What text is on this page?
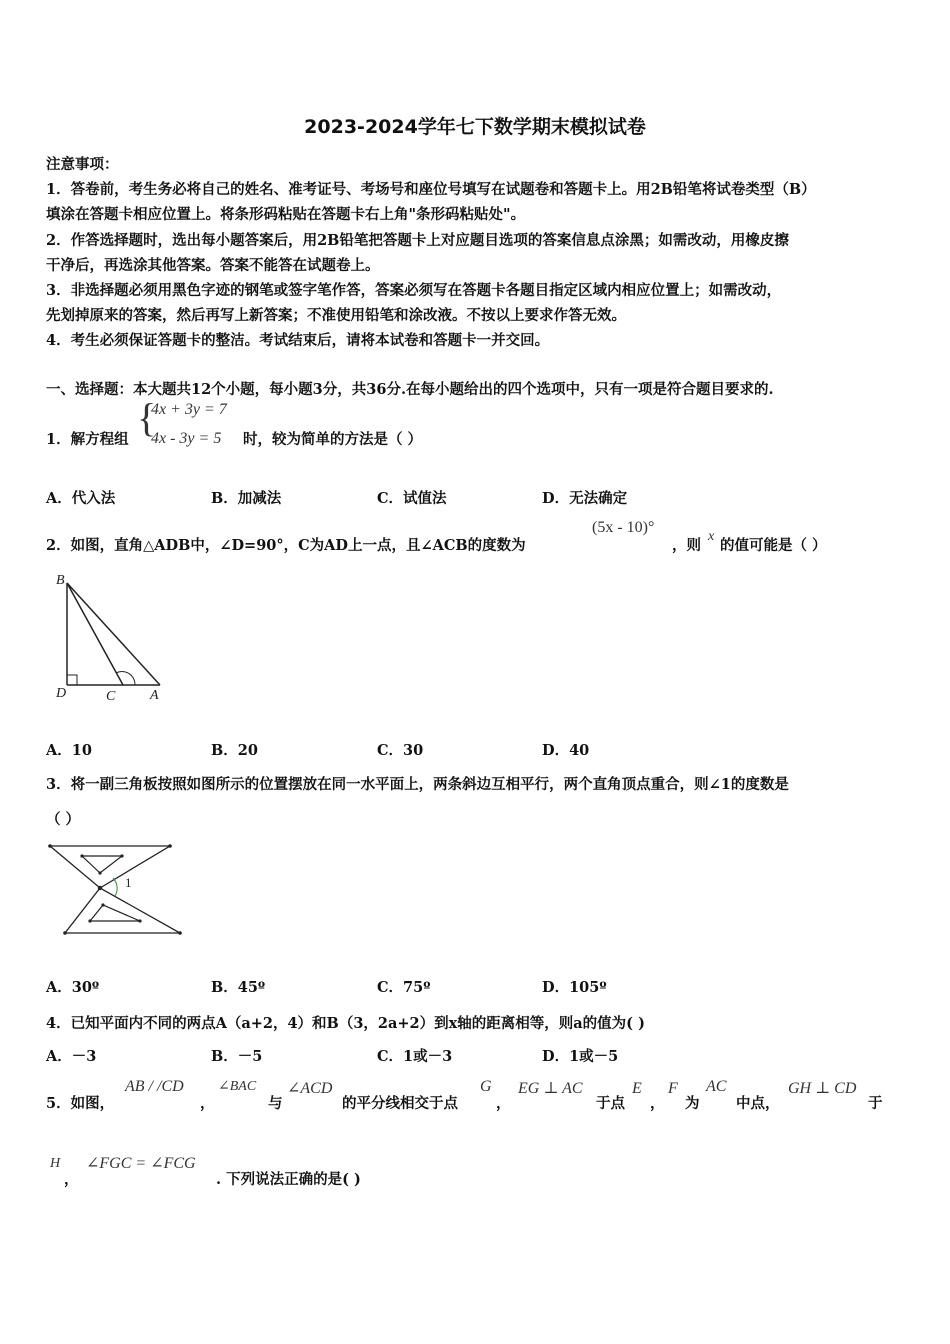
2023-2024学年七下数学期末模拟试卷
注意事项：
1．答卷前，考生务必将自己的姓名、准考证号、考场号和座位号填写在试题卷和答题卡上。用2B铅笔将试卷类型（B）
填涂在答题卡相应位置上。将条形码粘贴在答题卡右上角"条形码粘贴处"。
2．作答选择题时，选出每小题答案后，用2B铅笔把答题卡上对应题目选项的答案信息点涂黑；如需改动，用橡皮擦
干净后，再选涂其他答案。答案不能答在试题卷上。
3．非选择题必须用黑色字迹的钢笔或签字笔作答，答案必须写在答题卡各题目指定区域内相应位置上；如需改动，
先划掉原来的答案，然后再写上新答案；不准使用铅笔和涂改液。不按以上要求作答无效。
4．考生必须保证答题卡的整洁。考试结束后，请将本试卷和答题卡一并交回。
一、选择题：本大题共12个小题，每小题3分，共36分.在每小题给出的四个选项中，只有一项是符合题目要求的.
1．解方程组 {
4x + 3y = 7
4x - 3y = 5 时，较为简单的方法是（ ）
A．代入法	B．加减法	C．试值法	D．无法确定
2．如图，直角△ADB中，∠D=90°，C为AD上一点，且∠ACB的度数为
(5x - 10)°
，则
x
的值可能是（ ）
B
D	C A
A．10	B．20	C．30	D．40
3．将一副三角板按照如图所示的位置摆放在同一水平面上，两条斜边互相平行，两个直角顶点重合，则∠1的度数是
（ ）
1
A．30º	B．45º	C．75º	D．105º
4．已知平面内不同的两点A（a+2，4）和B（3，2a+2）到x轴的距离相等，则a的值为( )
A．－3	B．－5	C．1或－3	D．1或－5
5．如图，
AB / /CD
，
∠BAC
与
∠ACD
的平分线相交于点
G
，
EG ⊥ AC
于点
E
，
F
为
AC
中点，
GH ⊥ CD
于
H
，
∠FGC = ∠FCG
. 下列说法正确的是( )
